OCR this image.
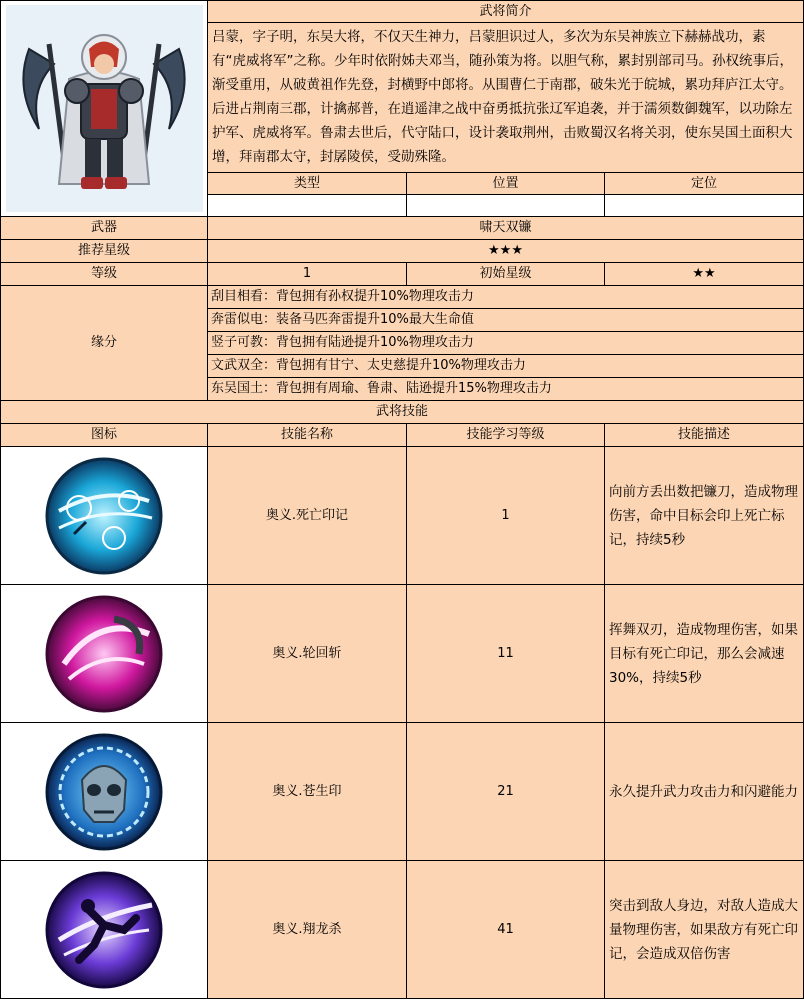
	武将简介		
	吕蒙，字子明，东吴大将，不仅天生神力，吕蒙胆识过人，多次为东吴神族立下赫赫战功，素有“虎威将军”之称。少年时依附姊夫邓当，随孙策为将。以胆气称，累封别部司马。孙权统事后，渐受重用，从破黄祖作先登，封横野中郎将。从围曹仁于南郡，破朱光于皖城，累功拜庐江太守。后进占荆南三郡，计擒郝普，在逍遥津之战中奋勇抵抗张辽军追袭，并于濡须数御魏军，以功除左护军、虎威将军。鲁肃去世后，代守陆口，设计袭取荆州，击败蜀汉名将关羽，使东吴国土面积大增，拜南郡太守，封孱陵侯，受勋殊隆。		
	类型	位置	定位

武器	啸天双镰		
推荐星级	★★★		
等级	1	初始星级	★★
缘分	刮目相看：背包拥有孙权提升10%物理攻击力		
	奔雷似电：装备马匹奔雷提升10%最大生命值		
	竖子可教：背包拥有陆逊提升10%物理攻击力		
	文武双全：背包拥有甘宁、太史慈提升10%物理攻击力		
	东吴国土：背包拥有周瑜、鲁肃、陆逊提升15%物理攻击力		
武将技能			
图标	技能名称	技能学习等级	技能描述

	奥义.死亡印记	1	向前方丢出数把镰刀，造成物理伤害，命中目标会印上死亡标记，持续5秒

	奥义.轮回斩	11	挥舞双刃，造成物理伤害，如果目标有死亡印记，那么会减速30%，持续5秒

	奥义.苍生印	21	永久提升武力攻击力和闪避能力

	奥义.翔龙杀	41	突击到敌人身边，对敌人造成大量物理伤害，如果敌方有死亡印记，会造成双倍伤害
